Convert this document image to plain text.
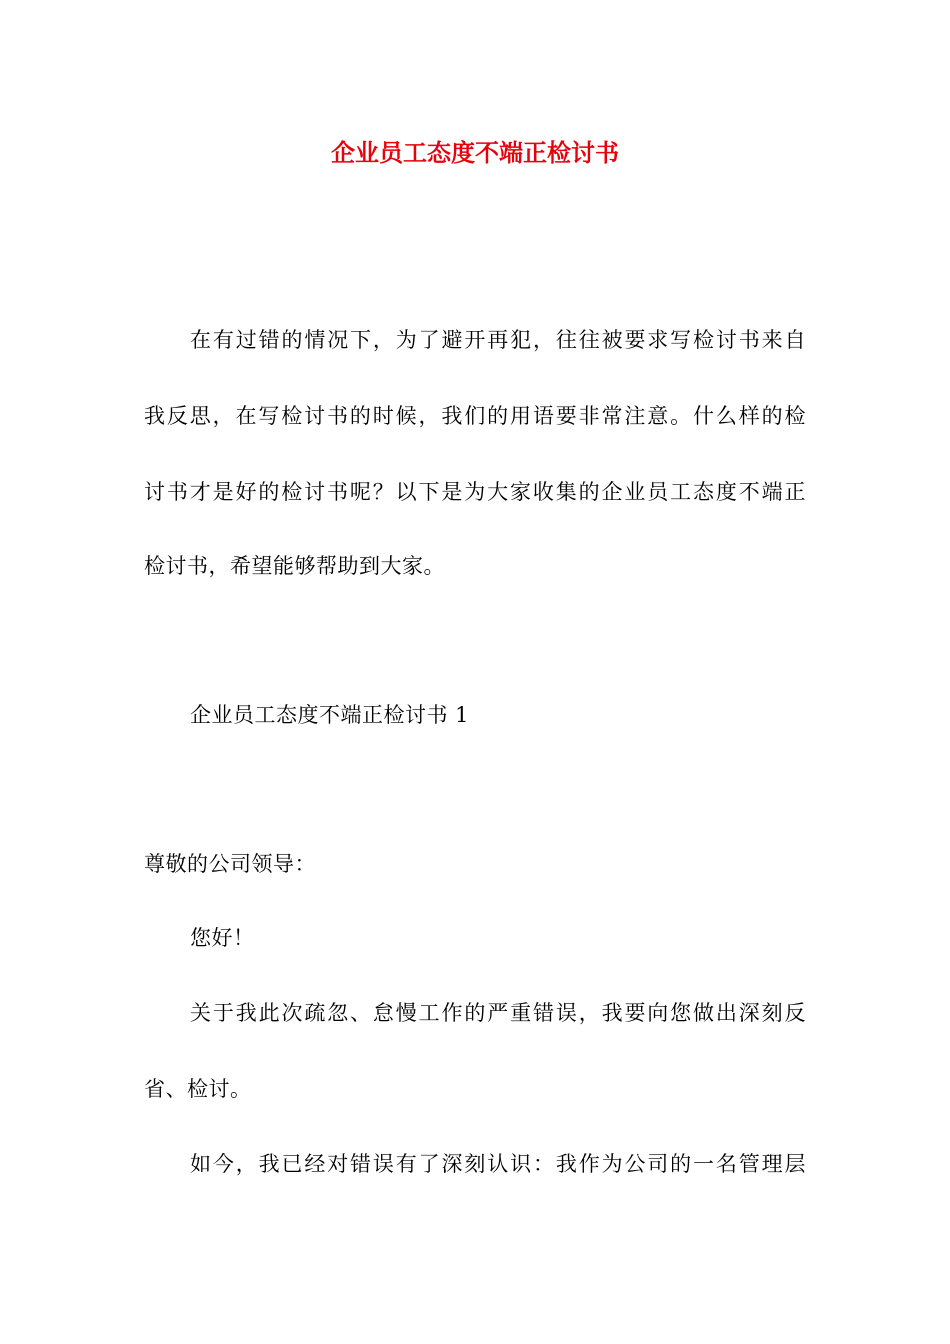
企业员工态度不端正检讨书
在有过错的情况下，为了避开再犯，往往被要求写检讨书来自
我反思，在写检讨书的时候，我们的用语要非常注意。什么样的检
讨书才是好的检讨书呢？以下是为大家收集的企业员工态度不端正
检讨书，希望能够帮助到大家。
企业员工态度不端正检讨书 1
尊敬的公司领导：
您好！
关于我此次疏忽、怠慢工作的严重错误，我要向您做出深刻反
省、检讨。
如今，我已经对错误有了深刻认识：我作为公司的一名管理层
